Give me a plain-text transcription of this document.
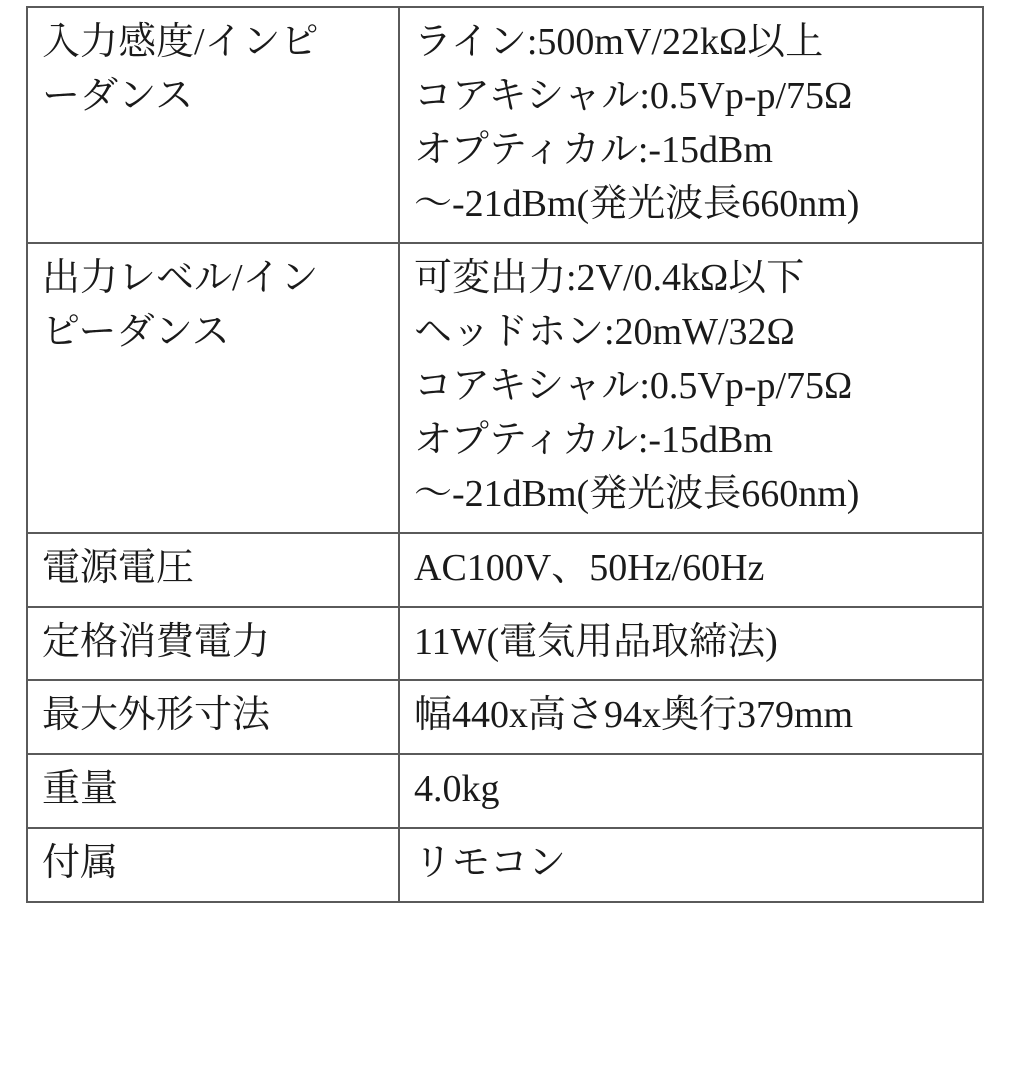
入力感度/インピ
ーダンス	ライン:500mV/22kΩ以上
コアキシャル:0.5Vp-p/75Ω
オプティカル:-15dBm
〜-21dBm(発光波長660nm)

出力レベル/イン
ピーダンス	可変出力:2V/0.4kΩ以下
ヘッドホン:20mW/32Ω
コアキシャル:0.5Vp-p/75Ω
オプティカル:-15dBm
〜-21dBm(発光波長660nm)

電源電圧	AC100V、50Hz/60Hz

定格消費電力	11W(電気用品取締法)

最大外形寸法	幅440x高さ94x奥行379mm

重量	4.0kg

付属	リモコン
